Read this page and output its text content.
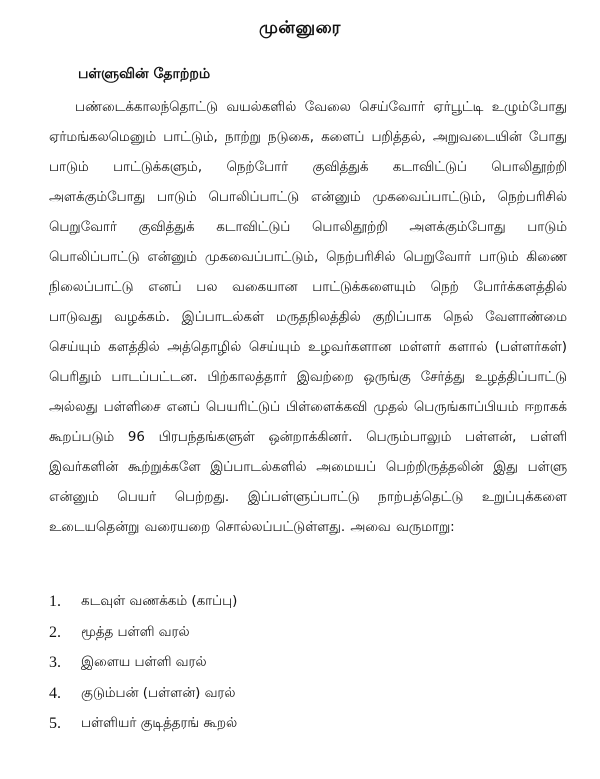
முன்னுரை
பள்ளுவின் தோற்றம்

பண்டைக்காலந்தொட்டு வயல்களில் வேலை செய்வோர் ஏர்பூட்டி உழும்போது ஏர்மங்கலமெனும் பாட்டும், நாற்று நடுகை, களைப் பறித்தல், அறுவடையின் போது பாடும் பாட்டுக்களும், நெற்போர் குவித்துக் கடாவிட்டுப் பொலிதூற்றி அளக்கும்போது பாடும் பொலிப்பாட்டு என்னும் முகவைப்பாட்டும், நெற்பரிசில் பெறுவோர் குவித்துக் கடாவிட்டுப் பொலிதூற்றி அளக்கும்போது பாடும் பொலிப்பாட்டு என்னும் முகவைப்பாட்டும், நெற்பரிசில் பெறுவோர் பாடும் கிணை நிலைப்பாட்டு எனப் பல வகையான பாட்டுக்களையும் நெற் போர்க்களத்தில் பாடுவது வழக்கம். இப்பாடல்கள் மருதநிலத்தில் குறிப்பாக நெல் வேளாண்மை செய்யும் களத்தில் அத்தொழில் செய்யும் உழவர்களான மள்ளர் களால் (பள்ளர்கள்) பெரிதும் பாடப்பட்டன. பிற்காலத்தார் இவற்றை ஒருங்கு சேர்த்து உழத்திப்பாட்டு அல்லது பள்ளிசை எனப் பெயரிட்டுப் பிள்ளைக்கவி முதல் பெருங்காப்பியம் ஈறாகக் கூறப்படும் 96 பிரபந்தங்களுள் ஒன்றாக்கினர். பெரும்பாலும் பள்ளன், பள்ளி இவர்களின் கூற்றுக்களே இப்பாடல்களில் அமையப் பெற்றிருத்தலின் இது பள்ளு என்னும் பெயர் பெற்றது. இப்பள்ளுப்பாட்டு நாற்பத்தெட்டு உறுப்புக்களை உடையதென்று வரையறை சொல்லப்பட்டுள்ளது. அவை வருமாறு:

1.	கடவுள் வணக்கம் (காப்பு)
2.	மூத்த பள்ளி வரல்
3.	இளைய பள்ளி வரல்
4.	குடும்பன் (பள்ளன்) வரல்
5.	பள்ளியர் குடித்தரங் கூறல்
